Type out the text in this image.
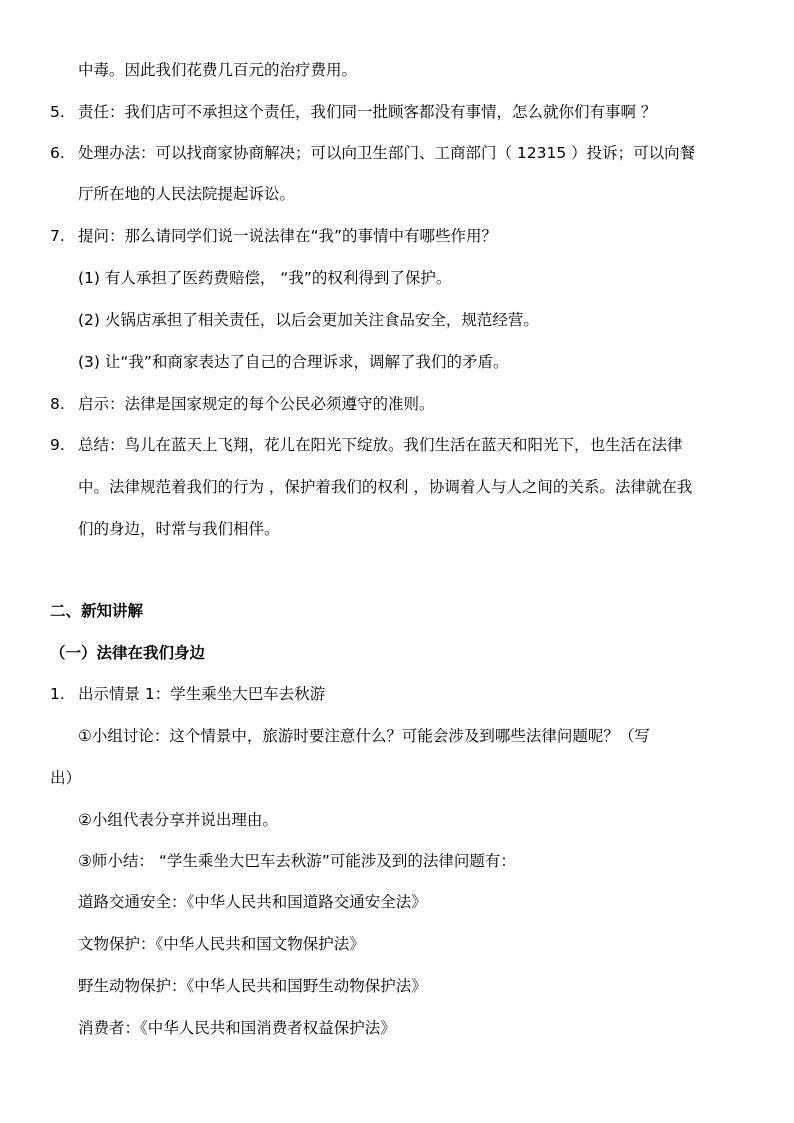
中毒。因此我们花费几百元的治疗费用。
5. 责任：我们店可不承担这个责任，我们同一批顾客都没有事情，怎么就你们有事啊 ？
6. 处理办法：可以找商家协商解决；可以向卫生部门、工商部门（ 12315 ）投诉；可以向餐
厅所在地的人民法院提起诉讼。
7. 提问：那么请同学们说一说法律在“我”的事情中有哪些作用？
(1) 有人承担了医药费赔偿， “我”的权利得到了保护。
(2) 火锅店承担了相关责任，以后会更加关注食品安全，规范经营。
(3) 让“我”和商家表达了自己的合理诉求，调解了我们的矛盾。
8. 启示：法律是国家规定的每个公民必须遵守的准则。
9. 总结：鸟儿在蓝天上飞翔，花儿在阳光下绽放。我们生活在蓝天和阳光下，也生活在法律
中。法律规范着我们的行为 ，保护着我们的权利 ，协调着人与人之间的关系。法律就在我
们的身边，时常与我们相伴。
二、新知讲解
（一）法律在我们身边
1. 出示情景 1：学生乘坐大巴车去秋游
①小组讨论：这个情景中，旅游时要注意什么？可能会涉及到哪些法律问题呢？（写
出）
②小组代表分享并说出理由。
③师小结： “学生乘坐大巴车去秋游”可能涉及到的法律问题有：
道路交通安全：《中华人民共和国道路交通安全法》
文物保护：《中华人民共和国文物保护法》
野生动物保护：《中华人民共和国野生动物保护法》
消费者：《中华人民共和国消费者权益保护法》
